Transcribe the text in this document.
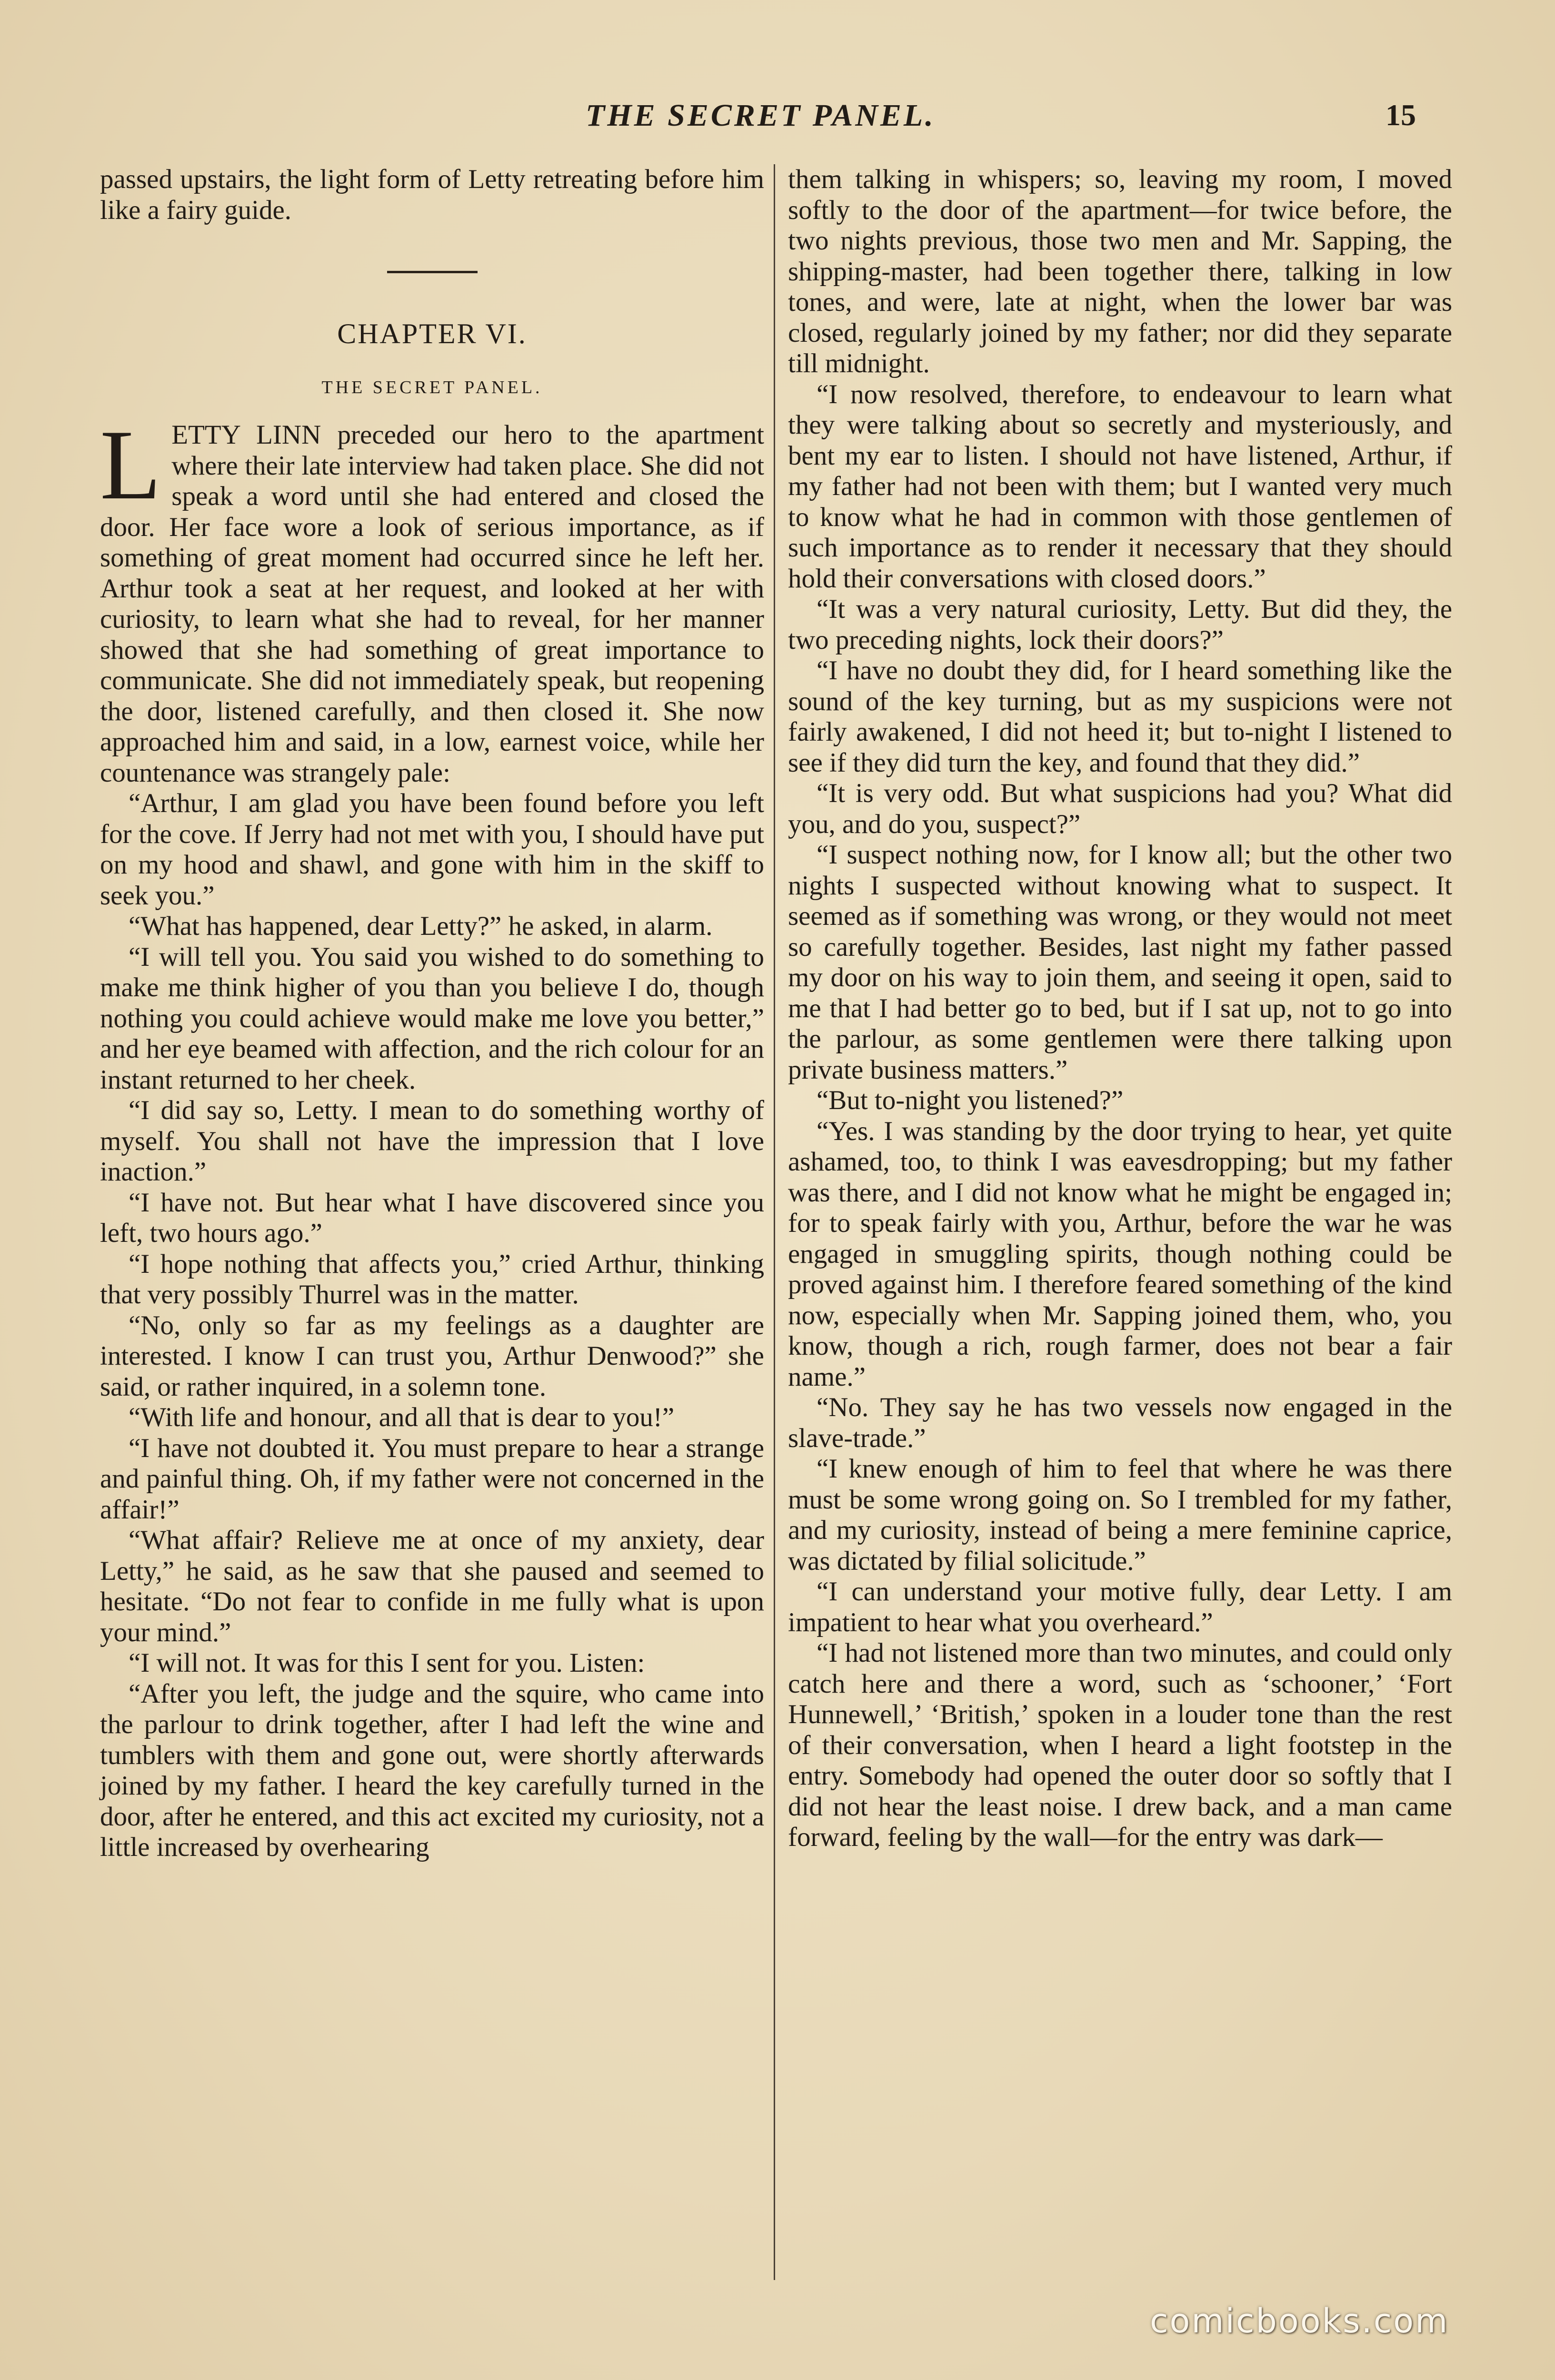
THE SECRET PANEL.	15

passed upstairs, the light form of Letty retreating before him like a fairy guide.

CHAPTER VI.
THE SECRET PANEL.

LETTY LINN preceded our hero to the apartment where their late interview had taken place. She did not speak a word until she had entered and closed the door. Her face wore a look of serious importance, as if something of great moment had occurred since he left her. Arthur took a seat at her request, and looked at her with curiosity, to learn what she had to reveal, for her manner showed that she had something of great importance to communicate. She did not immediately speak, but reopening the door, listened carefully, and then closed it. She now approached him and said, in a low, earnest voice, while her countenance was strangely pale:

“Arthur, I am glad you have been found before you left for the cove. If Jerry had not met with you, I should have put on my hood and shawl, and gone with him in the skiff to seek you.”

“What has happened, dear Letty?” he asked, in alarm.

“I will tell you. You said you wished to do something to make me think higher of you than you believe I do, though nothing you could achieve would make me love you better,” and her eye beamed with affection, and the rich colour for an instant returned to her cheek.

“I did say so, Letty. I mean to do something worthy of myself. You shall not have the impression that I love inaction.”

“I have not. But hear what I have discovered since you left, two hours ago.”

“I hope nothing that affects you,” cried Arthur, thinking that very possibly Thurrel was in the matter.

“No, only so far as my feelings as a daughter are interested. I know I can trust you, Arthur Denwood?” she said, or rather inquired, in a solemn tone.

“With life and honour, and all that is dear to you!”

“I have not doubted it. You must prepare to hear a strange and painful thing. Oh, if my father were not concerned in the affair!”

“What affair? Relieve me at once of my anxiety, dear Letty,” he said, as he saw that she paused and seemed to hesitate. “Do not fear to confide in me fully what is upon your mind.”

“I will not. It was for this I sent for you. Listen:

“After you left, the judge and the squire, who came into the parlour to drink together, after I had left the wine and tumblers with them and gone out, were shortly afterwards joined by my father. I heard the key carefully turned in the door, after he entered, and this act excited my curiosity, not a little increased by overhearing

them talking in whispers; so, leaving my room, I moved softly to the door of the apartment—for twice before, the two nights previous, those two men and Mr. Sapping, the shipping-master, had been together there, talking in low tones, and were, late at night, when the lower bar was closed, regularly joined by my father; nor did they separate till midnight.

“I now resolved, therefore, to endeavour to learn what they were talking about so secretly and mysteriously, and bent my ear to listen. I should not have listened, Arthur, if my father had not been with them; but I wanted very much to know what he had in common with those gentlemen of such importance as to render it necessary that they should hold their conversations with closed doors.”

“It was a very natural curiosity, Letty. But did they, the two preceding nights, lock their doors?”

“I have no doubt they did, for I heard something like the sound of the key turning, but as my suspicions were not fairly awakened, I did not heed it; but to-night I listened to see if they did turn the key, and found that they did.”

“It is very odd. But what suspicions had you? What did you, and do you, suspect?”

“I suspect nothing now, for I know all; but the other two nights I suspected without knowing what to suspect. It seemed as if something was wrong, or they would not meet so carefully together. Besides, last night my father passed my door on his way to join them, and seeing it open, said to me that I had better go to bed, but if I sat up, not to go into the parlour, as some gentlemen were there talking upon private business matters.”

“But to-night you listened?”

“Yes. I was standing by the door trying to hear, yet quite ashamed, too, to think I was eavesdropping; but my father was there, and I did not know what he might be engaged in; for to speak fairly with you, Arthur, before the war he was engaged in smuggling spirits, though nothing could be proved against him. I therefore feared something of the kind now, especially when Mr. Sapping joined them, who, you know, though a rich, rough farmer, does not bear a fair name.”

“No. They say he has two vessels now engaged in the slave-trade.”

“I knew enough of him to feel that where he was there must be some wrong going on. So I trembled for my father, and my curiosity, instead of being a mere feminine caprice, was dictated by filial solicitude.”

“I can understand your motive fully, dear Letty. I am impatient to hear what you overheard.”

“I had not listened more than two minutes, and could only catch here and there a word, such as ‘schooner,’ ‘Fort Hunnewell,’ ‘British,’ spoken in a louder tone than the rest of their conversation, when I heard a light footstep in the entry. Somebody had opened the outer door so softly that I did not hear the least noise. I drew back, and a man came forward, feeling by the wall—for the entry was dark—

comicbooks.com
